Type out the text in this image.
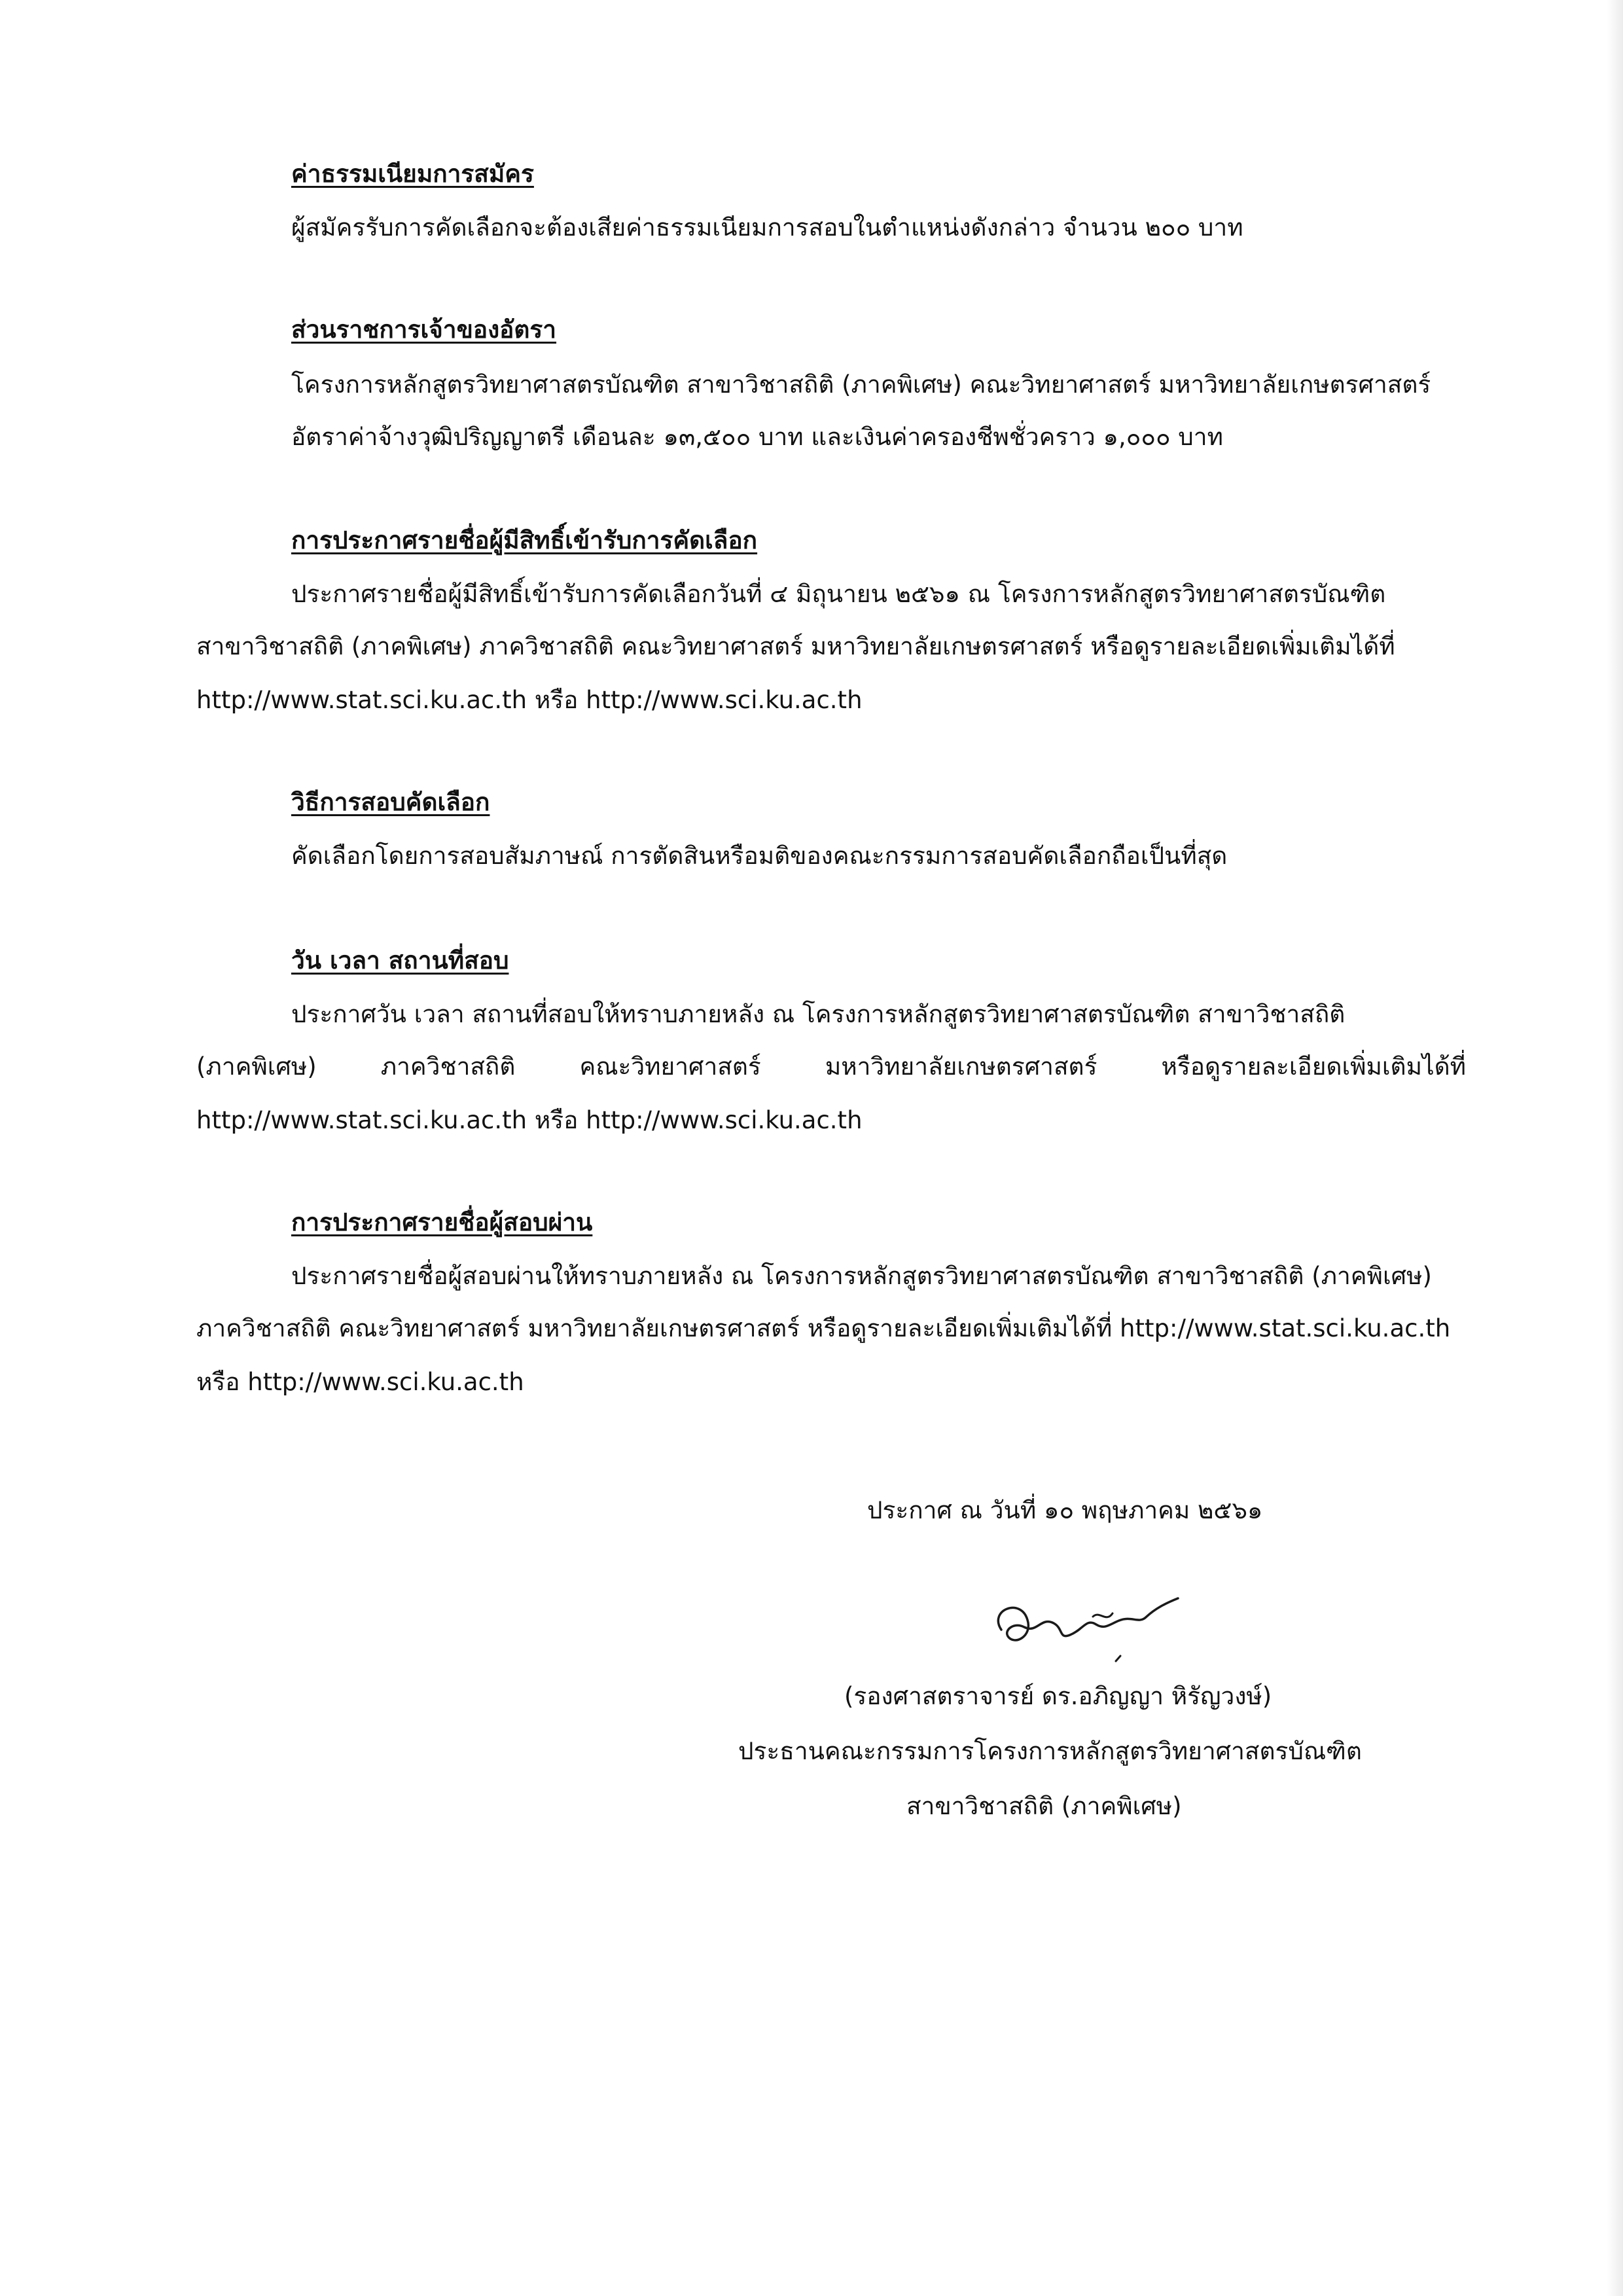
ค่าธรรมเนียมการสมัคร
ผู้สมัครรับการคัดเลือกจะต้องเสียค่าธรรมเนียมการสอบในตำแหน่งดังกล่าว จำนวน ๒๐๐ บาท
ส่วนราชการเจ้าของอัตรา
โครงการหลักสูตรวิทยาศาสตรบัณฑิต สาขาวิชาสถิติ (ภาคพิเศษ) คณะวิทยาศาสตร์ มหาวิทยาลัยเกษตรศาสตร์
อัตราค่าจ้างวุฒิปริญญาตรี เดือนละ ๑๓,๕๐๐ บาท และเงินค่าครองชีพชั่วคราว ๑,๐๐๐ บาท
การประกาศรายชื่อผู้มีสิทธิ์เข้ารับการคัดเลือก
ประกาศรายชื่อผู้มีสิทธิ์เข้ารับการคัดเลือกวันที่ ๔ มิถุนายน ๒๕๖๑ ณ โครงการหลักสูตรวิทยาศาสตรบัณฑิต
สาขาวิชาสถิติ (ภาคพิเศษ) ภาควิชาสถิติ คณะวิทยาศาสตร์ มหาวิทยาลัยเกษตรศาสตร์ หรือดูรายละเอียดเพิ่มเติมได้ที่
http://www.stat.sci.ku.ac.th หรือ http://www.sci.ku.ac.th
วิธีการสอบคัดเลือก
คัดเลือกโดยการสอบสัมภาษณ์ การตัดสินหรือมติของคณะกรรมการสอบคัดเลือกถือเป็นที่สุด
วัน เวลา สถานที่สอบ
ประกาศวัน เวลา สถานที่สอบให้ทราบภายหลัง ณ โครงการหลักสูตรวิทยาศาสตรบัณฑิต สาขาวิชาสถิติ
(ภาคพิเศษ)	ภาควิชาสถิติ	คณะวิทยาศาสตร์	มหาวิทยาลัยเกษตรศาสตร์	หรือดูรายละเอียดเพิ่มเติมได้ที่
http://www.stat.sci.ku.ac.th หรือ http://www.sci.ku.ac.th
การประกาศรายชื่อผู้สอบผ่าน
ประกาศรายชื่อผู้สอบผ่านให้ทราบภายหลัง ณ โครงการหลักสูตรวิทยาศาสตรบัณฑิต สาขาวิชาสถิติ (ภาคพิเศษ)
ภาควิชาสถิติ คณะวิทยาศาสตร์ มหาวิทยาลัยเกษตรศาสตร์ หรือดูรายละเอียดเพิ่มเติมได้ที่ http://www.stat.sci.ku.ac.th
หรือ http://www.sci.ku.ac.th
ประกาศ ณ วันที่ ๑๐ พฤษภาคม ๒๕๖๑
(รองศาสตราจารย์ ดร.อภิญญา หิรัญวงษ์)
ประธานคณะกรรมการโครงการหลักสูตรวิทยาศาสตรบัณฑิต
สาขาวิชาสถิติ (ภาคพิเศษ)
